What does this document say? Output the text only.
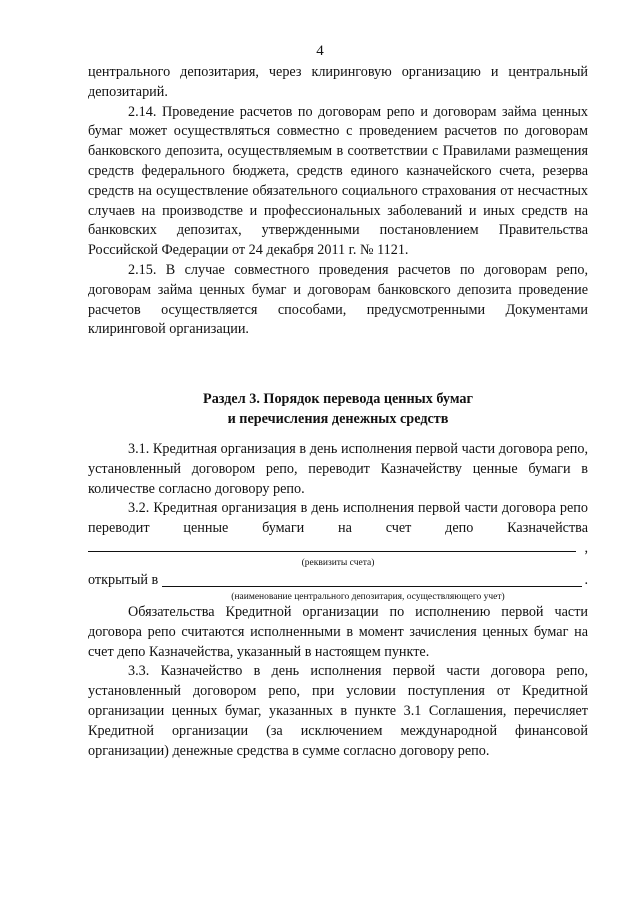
4

центрального депозитария, через клиринговую организацию и центральный депозитарий.

2.14. Проведение расчетов по договорам репо и договорам займа ценных бумаг может осуществляться совместно с проведением расчетов по договорам банковского депозита, осуществляемым в соответствии с Правилами размещения средств федерального бюджета, средств единого казначейского счета, резерва средств на осуществление обязательного социального страхования от несчастных случаев на производстве и профессиональных заболеваний и иных средств на банковских депозитах, утвержденными постановлением Правительства Российской Федерации от 24 декабря 2011 г. № 1121.

2.15. В случае совместного проведения расчетов по договорам репо, договорам займа ценных бумаг и договорам банковского депозита проведение расчетов осуществляется способами, предусмотренными Документами клиринговой организации.

Раздел 3. Порядок перевода ценных бумаг
и перечисления денежных средств

3.1. Кредитная организация в день исполнения первой части договора репо, установленный договором репо, переводит Казначейству ценные бумаги в количестве согласно договору репо.

3.2. Кредитная организация в день исполнения первой части договора репо переводит ценные бумаги на счет депо Казначейства

,
(реквизиты счета)
открытый в	.
(наименование центрального депозитария, осуществляющего учет)

Обязательства Кредитной организации по исполнению первой части договора репо считаются исполненными в момент зачисления ценных бумаг на счет депо Казначейства, указанный в настоящем пункте.

3.3. Казначейство в день исполнения первой части договора репо, установленный договором репо, при условии поступления от Кредитной организации ценных бумаг, указанных в пункте 3.1 Соглашения, перечисляет Кредитной организации (за исключением международной финансовой организации) денежные средства в сумме согласно договору репо.
